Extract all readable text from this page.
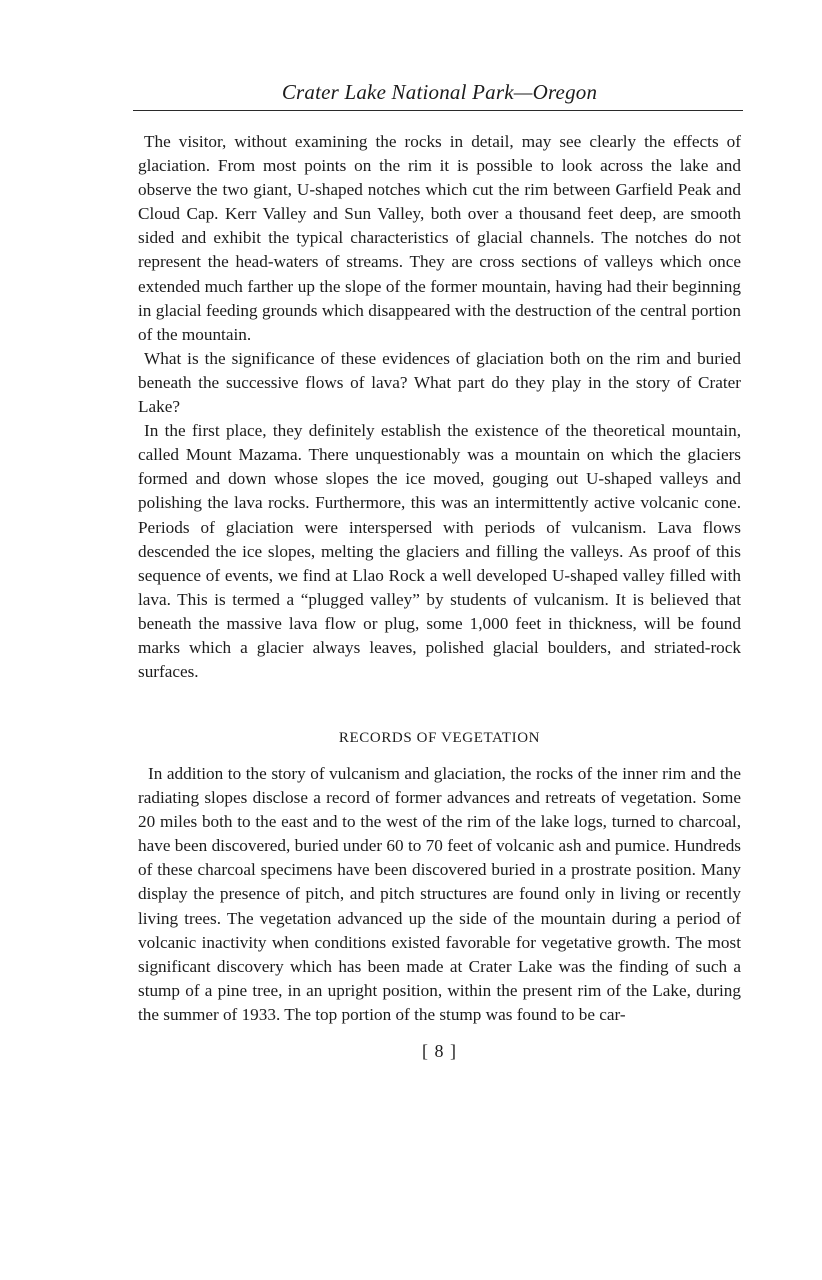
Crater Lake National Park—Oregon

The visitor, without examining the rocks in detail, may see clearly the effects of glaciation. From most points on the rim it is possible to look across the lake and observe the two giant, U-shaped notches which cut the rim between Garfield Peak and Cloud Cap. Kerr Valley and Sun Valley, both over a thousand feet deep, are smooth sided and exhibit the typical characteristics of glacial channels. The notches do not represent the head-waters of streams. They are cross sections of valleys which once extended much farther up the slope of the former mountain, having had their beginning in glacial feeding grounds which disappeared with the destruction of the central portion of the mountain.

What is the significance of these evidences of glaciation both on the rim and buried beneath the successive flows of lava? What part do they play in the story of Crater Lake?

In the first place, they definitely establish the existence of the theoretical mountain, called Mount Mazama. There unquestionably was a mountain on which the glaciers formed and down whose slopes the ice moved, gouging out U-shaped valleys and polishing the lava rocks. Furthermore, this was an intermittently active volcanic cone. Periods of glaciation were interspersed with periods of vulcanism. Lava flows descended the ice slopes, melting the glaciers and filling the valleys. As proof of this sequence of events, we find at Llao Rock a well developed U-shaped valley filled with lava. This is termed a “plugged valley” by students of vulcanism. It is believed that beneath the massive lava flow or plug, some 1,000 feet in thickness, will be found marks which a glacier always leaves, polished glacial boulders, and striated-rock surfaces.

RECORDS OF VEGETATION

In addition to the story of vulcanism and glaciation, the rocks of the inner rim and the radiating slopes disclose a record of former advances and retreats of vegetation. Some 20 miles both to the east and to the west of the rim of the lake logs, turned to charcoal, have been discovered, buried under 60 to 70 feet of volcanic ash and pumice. Hundreds of these charcoal specimens have been discovered buried in a prostrate position. Many display the presence of pitch, and pitch structures are found only in living or recently living trees. The vegetation advanced up the side of the mountain during a period of volcanic inactivity when conditions existed favorable for vegetative growth. The most significant discovery which has been made at Crater Lake was the finding of such a stump of a pine tree, in an upright position, within the present rim of the Lake, during the summer of 1933. The top portion of the stump was found to be car-

[ 8 ]
